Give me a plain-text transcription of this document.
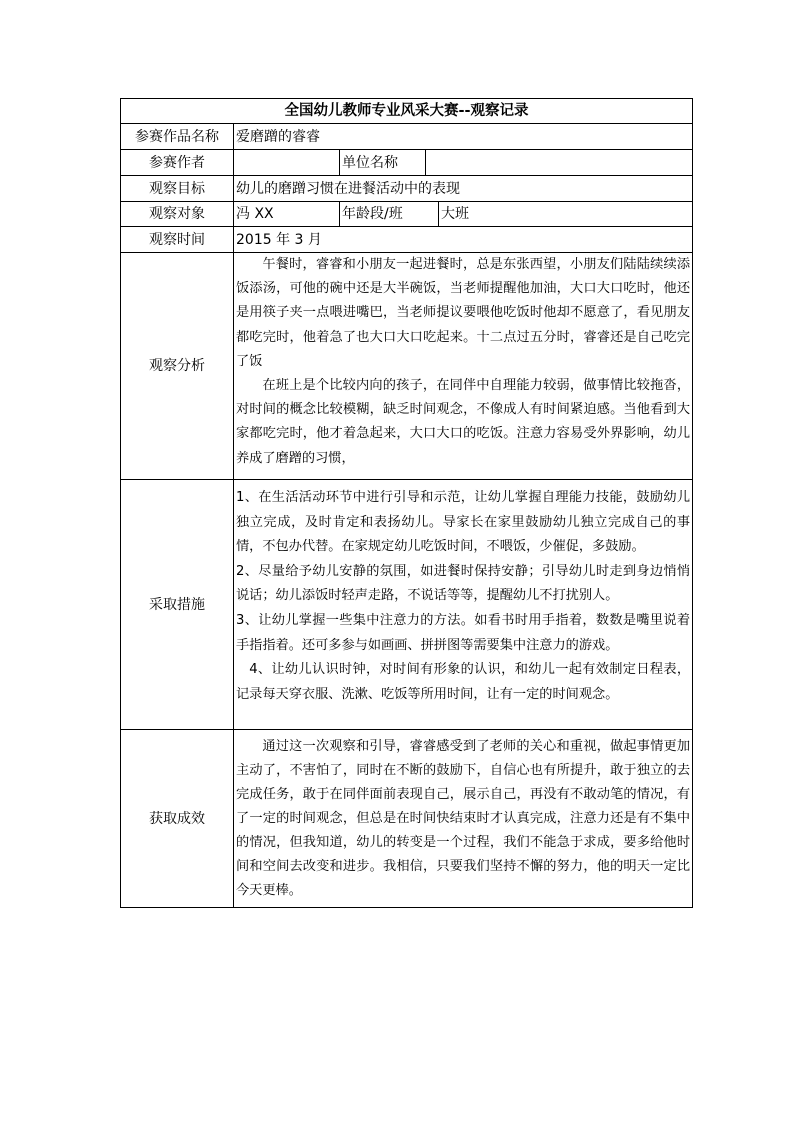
全国幼儿教师专业风采大赛--观察记录				
参赛作品名称	爱磨蹭的睿睿			
参赛作者		单位名称		
观察目标	幼儿的磨蹭习惯在进餐活动中的表现			
观察对象	冯 XX	年龄段/班		大班
观察时间	2015 年 3 月			
观察分析	午餐时，睿睿和小朋友一起进餐时，总是东张西望，小朋友们陆陆续续添饭添汤，可他的碗中还是大半碗饭，当老师提醒他加油，大口大口吃时，他还是用筷子夹一点喂进嘴巴，当老师提议要喂他吃饭时他却不愿意了，看见朋友都吃完时，他着急了也大口大口吃起来。十二点过五分时，睿睿还是自己吃完了饭

在班上是个比较内向的孩子，在同伴中自理能力较弱，做事情比较拖沓，对时间的概念比较模糊，缺乏时间观念，不像成人有时间紧迫感。当他看到大家都吃完时，他才着急起来，大口大口的吃饭。注意力容易受外界影响，幼儿养成了磨蹭的习惯，			

采取措施	1、在生活活动环节中进行引导和示范，让幼儿掌握自理能力技能，鼓励幼儿独立完成，及时肯定和表扬幼儿。导家长在家里鼓励幼儿独立完成自己的事情，不包办代替。在家规定幼儿吃饭时间，不喂饭，少催促，多鼓励。

2、尽量给予幼儿安静的氛围，如进餐时保持安静；引导幼儿时走到身边悄悄说话；幼儿添饭时轻声走路，不说话等等，提醒幼儿不打扰别人。

3、让幼儿掌握一些集中注意力的方法。如看书时用手指着，数数是嘴里说着手指指着。还可多参与如画画、拼拼图等需要集中注意力的游戏。

4、让幼儿认识时钟，对时间有形象的认识，和幼儿一起有效制定日程表，记录每天穿衣服、洗漱、吃饭等所用时间，让有一定的时间观念。			

获取成效	通过这一次观察和引导，睿睿感受到了老师的关心和重视，做起事情更加主动了，不害怕了，同时在不断的鼓励下，自信心也有所提升，敢于独立的去完成任务，敢于在同伴面前表现自己，展示自己，再没有不敢动笔的情况，有了一定的时间观念，但总是在时间快结束时才认真完成，注意力还是有不集中的情况，但我知道，幼儿的转变是一个过程，我们不能急于求成，要多给他时间和空间去改变和进步。我相信，只要我们坚持不懈的努力，他的明天一定比今天更棒。			
